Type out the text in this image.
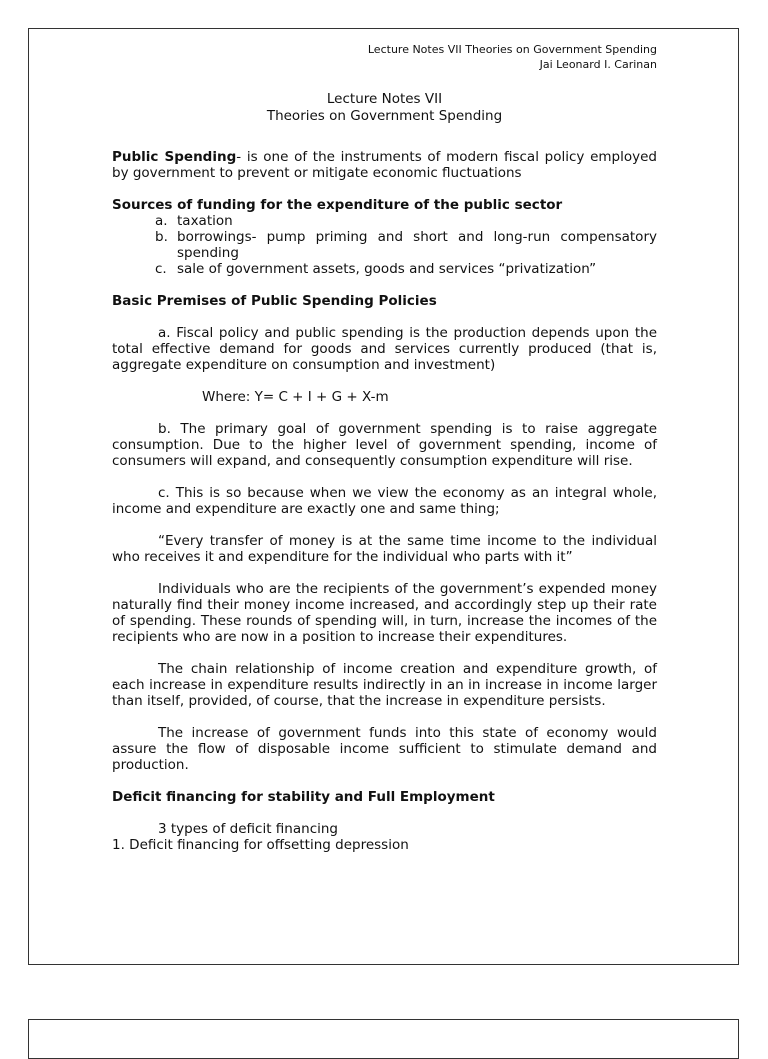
Lecture Notes VII Theories on Government Spending
Jai Leonard I. Carinan
Lecture Notes VII
Theories on Government Spending

Public Spending- is one of the instruments of modern fiscal policy employed by government to prevent or mitigate economic fluctuations

Sources of funding for the expenditure of the public sector
a. taxation
b. borrowings- pump priming and short and long-run compensatory spending
c. sale of government assets, goods and services “privatization”
Basic Premises of Public Spending Policies

a. Fiscal policy and public spending is the production depends upon the total effective demand for goods and services currently produced (that is, aggregate expenditure on consumption and investment)

Where: Y= C + I + G + X-m

b. The primary goal of government spending is to raise aggregate consumption. Due to the higher level of government spending, income of consumers will expand, and consequently consumption expenditure will rise.

c. This is so because when we view the economy as an integral whole, income and expenditure are exactly one and same thing;

“Every transfer of money is at the same time income to the individual who receives it and expenditure for the individual who parts with it”

Individuals who are the recipients of the government’s expended money naturally find their money income increased, and accordingly step up their rate of spending. These rounds of spending will, in turn, increase the incomes of the recipients who are now in a position to increase their expenditures.

The chain relationship of income creation and expenditure growth, of each increase in expenditure results indirectly in an in increase in income larger than itself, provided, of course, that the increase in expenditure persists.

The increase of government funds into this state of economy would assure the flow of disposable income sufficient to stimulate demand and production.

Deficit financing for stability and Full Employment

3 types of deficit financing

1. Deficit financing for offsetting depression
